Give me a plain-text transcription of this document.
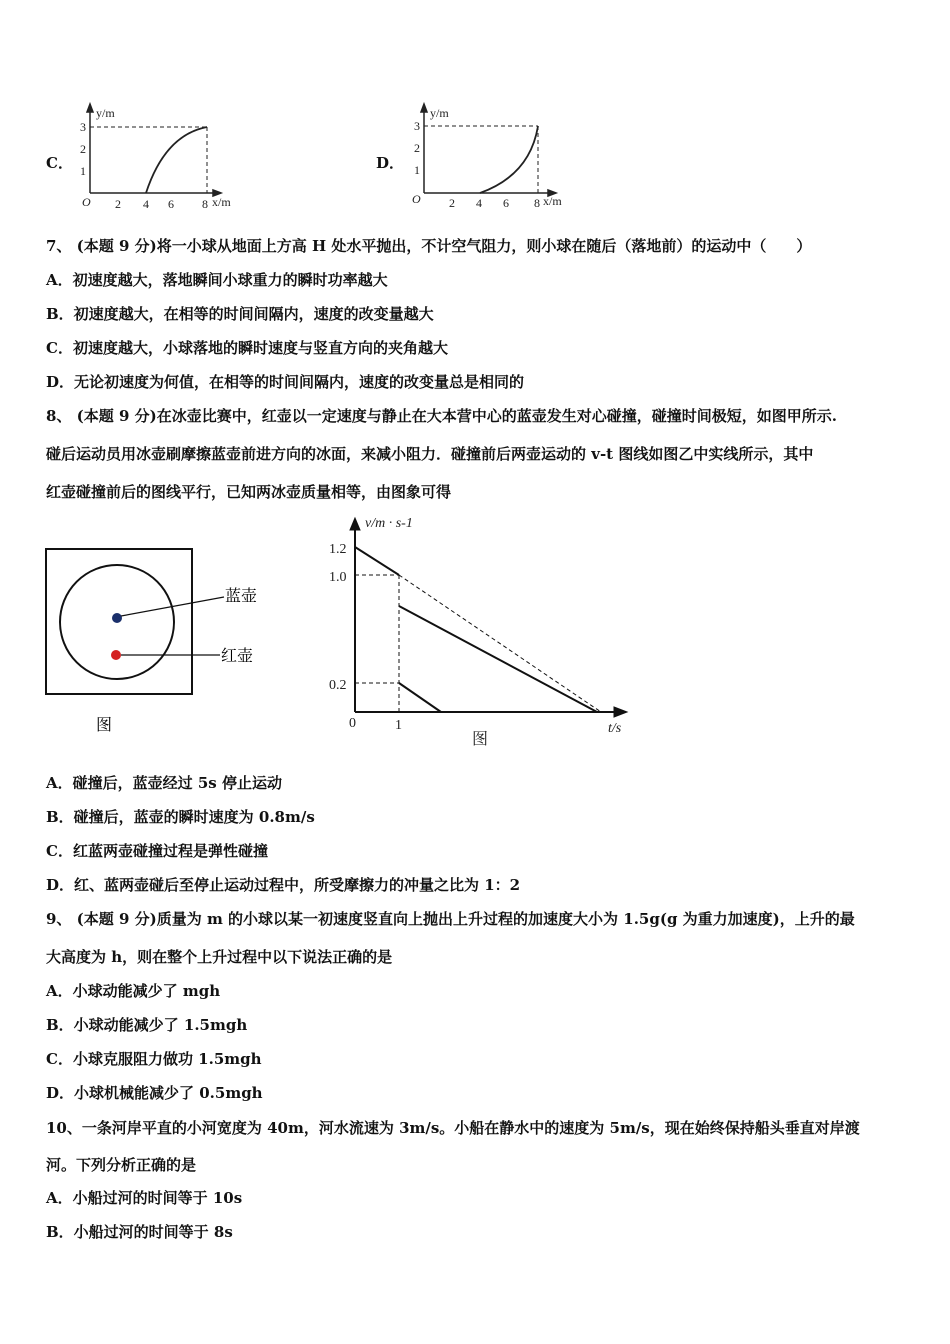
C．
y/m
3
2
1
O 2 4 6 8 x/m
D．
y/m
3
2
1
O 2 4 6 8 x/m
7、 (本题 9 分)将一小球从地面上方高 H 处水平抛出，不计空气阻力，则小球在随后（落地前）的运动中（　　）
A．初速度越大，落地瞬间小球重力的瞬时功率越大
B．初速度越大，在相等的时间间隔内，速度的改变量越大
C．初速度越大，小球落地的瞬时速度与竖直方向的夹角越大
D．无论初速度为何值，在相等的时间间隔内，速度的改变量总是相同的
8、 (本题 9 分)在冰壶比赛中，红壶以一定速度与静止在大本营中心的蓝壶发生对心碰撞，碰撞时间极短，如图甲所示.
碰后运动员用冰壶刷摩擦蓝壶前进方向的冰面，来减小阻力．碰撞前后两壶运动的 v-t 图线如图乙中实线所示，其中
红壶碰撞前后的图线平行，已知两冰壶质量相等，由图象可得
蓝壶
红壶
图
v/m · s-1
1.2
1.0
0.2
0	1	t/s
图
A．碰撞后，蓝壶经过 5s 停止运动
B．碰撞后，蓝壶的瞬时速度为 0.8m/s
C．红蓝两壶碰撞过程是弹性碰撞
D．红、蓝两壶碰后至停止运动过程中，所受摩擦力的冲量之比为 1：2
9、 (本题 9 分)质量为 m 的小球以某一初速度竖直向上抛出上升过程的加速度大小为 1.5g(g 为重力加速度)，上升的最
大高度为 h，则在整个上升过程中以下说法正确的是
A．小球动能减少了 mgh
B．小球动能减少了 1.5mgh
C．小球克服阻力做功 1.5mgh
D．小球机械能减少了 0.5mgh
10、一条河岸平直的小河宽度为 40m，河水流速为 3m/s。小船在静水中的速度为 5m/s，现在始终保持船头垂直对岸渡
河。下列分析正确的是
A．小船过河的时间等于 10s
B．小船过河的时间等于 8s
